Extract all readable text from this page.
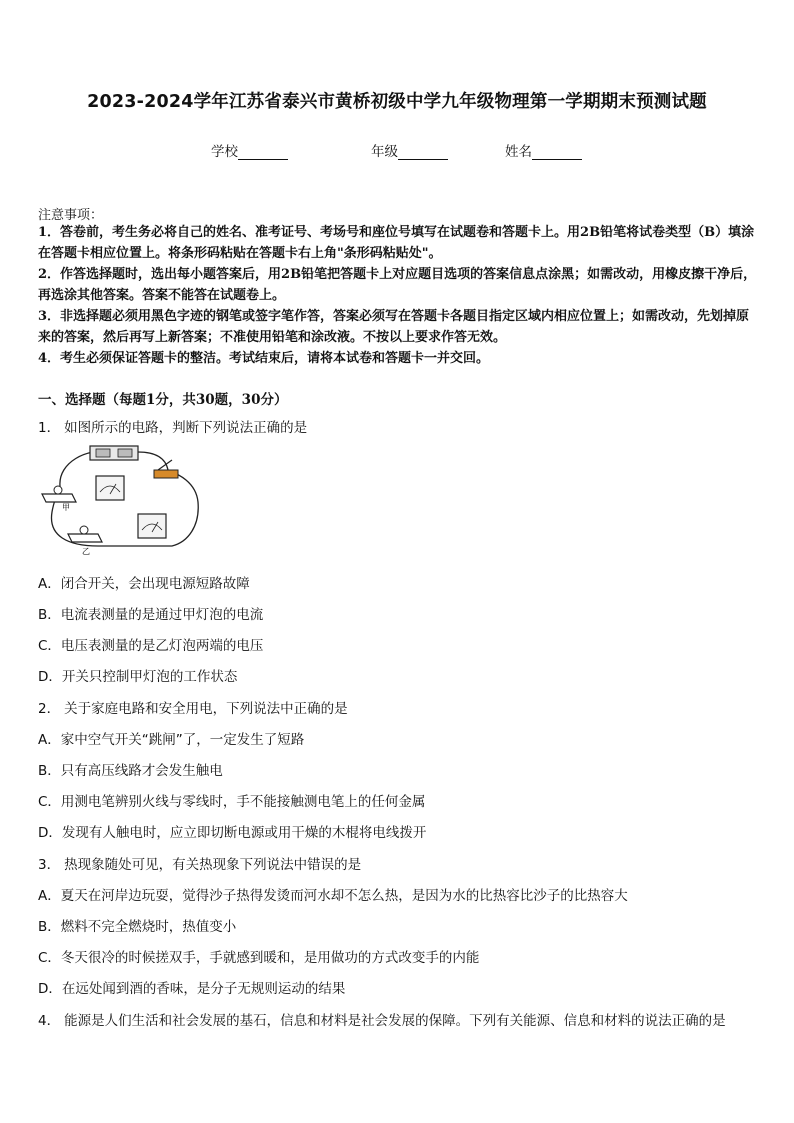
2023-2024学年江苏省泰兴市黄桥初级中学九年级物理第一学期期末预测试题
学校	年级	姓名
注意事项：

1．答卷前，考生务必将自己的姓名、准考证号、考场号和座位号填写在试题卷和答题卡上。用2B铅笔将试卷类型（B）填涂在答题卡相应位置上。将条形码粘贴在答题卡右上角"条形码粘贴处"。

2．作答选择题时，选出每小题答案后，用2B铅笔把答题卡上对应题目选项的答案信息点涂黑；如需改动，用橡皮擦干净后，再选涂其他答案。答案不能答在试题卷上。

3．非选择题必须用黑色字迹的钢笔或签字笔作答，答案必须写在答题卡各题目指定区域内相应位置上；如需改动，先划掉原来的答案，然后再写上新答案；不准使用铅笔和涂改液。不按以上要求作答无效。

4．考生必须保证答题卡的整洁。考试结束后，请将本试卷和答题卡一并交回。

一、选择题（每题1分，共30题，30分）
1． 如图所示的电路，判断下列说法正确的是
甲
乙
A．闭合开关，会出现电源短路故障
B．电流表测量的是通过甲灯泡的电流
C．电压表测量的是乙灯泡两端的电压
D．开关只控制甲灯泡的工作状态
2． 关于家庭电路和安全用电，下列说法中正确的是
A．家中空气开关“跳闸”了，一定发生了短路
B．只有高压线路才会发生触电
C．用测电笔辨别火线与零线时，手不能接触测电笔上的任何金属
D．发现有人触电时，应立即切断电源或用干燥的木棍将电线拨开
3． 热现象随处可见，有关热现象下列说法中错误的是
A．夏天在河岸边玩耍，觉得沙子热得发烫而河水却不怎么热，是因为水的比热容比沙子的比热容大
B．燃料不完全燃烧时，热值变小
C．冬天很冷的时候搓双手，手就感到暖和，是用做功的方式改变手的内能
D．在远处闻到酒的香味，是分子无规则运动的结果
4． 能源是人们生活和社会发展的基石，信息和材料是社会发展的保障。下列有关能源、信息和材料的说法正确的是
